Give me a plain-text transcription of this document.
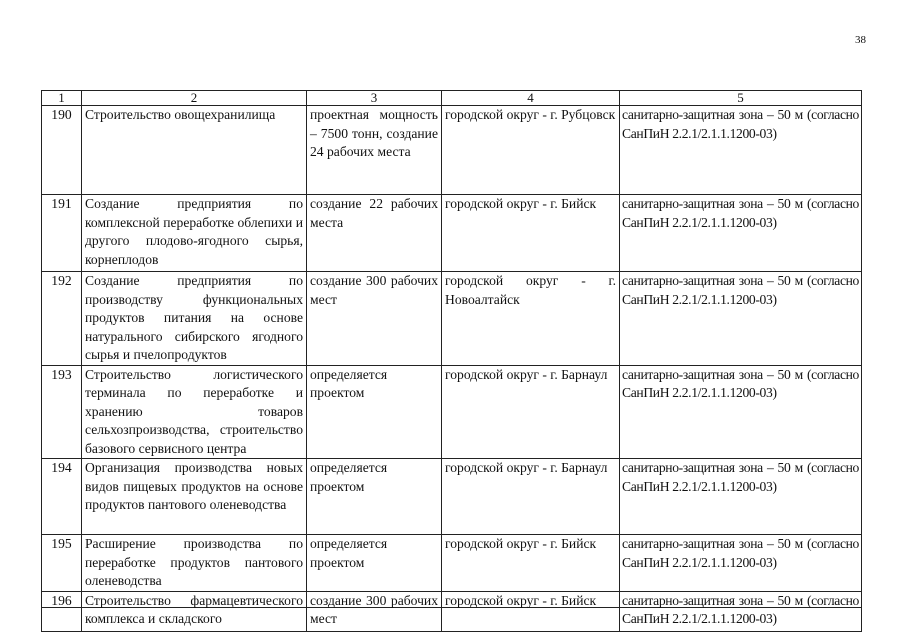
38
1	2	3	4	5
190	Строительство овощехранилища	проектная мощность – 7500 тонн, создание 24 рабочих места	городской округ - г. Рубцовск	санитарно-защитная зона – 50 м (согласно СанПиН 2.2.1/2.1.1.1200-03)
191	Создание предприятия по комплексной переработке облепихи и другого плодово-ягодного сырья, корнеплодов	создание 22 рабочих места	городской округ - г. Бийск	санитарно-защитная зона – 50 м (согласно СанПиН 2.2.1/2.1.1.1200-03)
192	Создание предприятия по производству функциональных продуктов питания на основе натурального сибирского ягодного сырья и пчелопродуктов	создание 300 рабочих мест	городской округ - г. Новоалтайск	санитарно-защитная зона – 50 м (согласно СанПиН 2.2.1/2.1.1.1200-03)
193	Строительство логистического терминала по переработке и хранению товаров сельхозпроизводства, строительство базового сервисного центра	определяется проектом	городской округ - г. Барнаул	санитарно-защитная зона – 50 м (согласно СанПиН 2.2.1/2.1.1.1200-03)
194	Организация производства новых видов пищевых продуктов на основе продуктов пантового оленеводства	определяется проектом	городской округ - г. Барнаул	санитарно-защитная зона – 50 м (согласно СанПиН 2.2.1/2.1.1.1200-03)
195	Расширение производства по переработке продуктов пантового оленеводства	определяется проектом	городской округ - г. Бийск	санитарно-защитная зона – 50 м (согласно СанПиН 2.2.1/2.1.1.1200-03)
196	Строительство фармацевтического комплекса и складского	создание 300 рабочих мест	городской округ - г. Бийск	санитарно-защитная зона – 50 м (согласно СанПиН 2.2.1/2.1.1.1200-03)
